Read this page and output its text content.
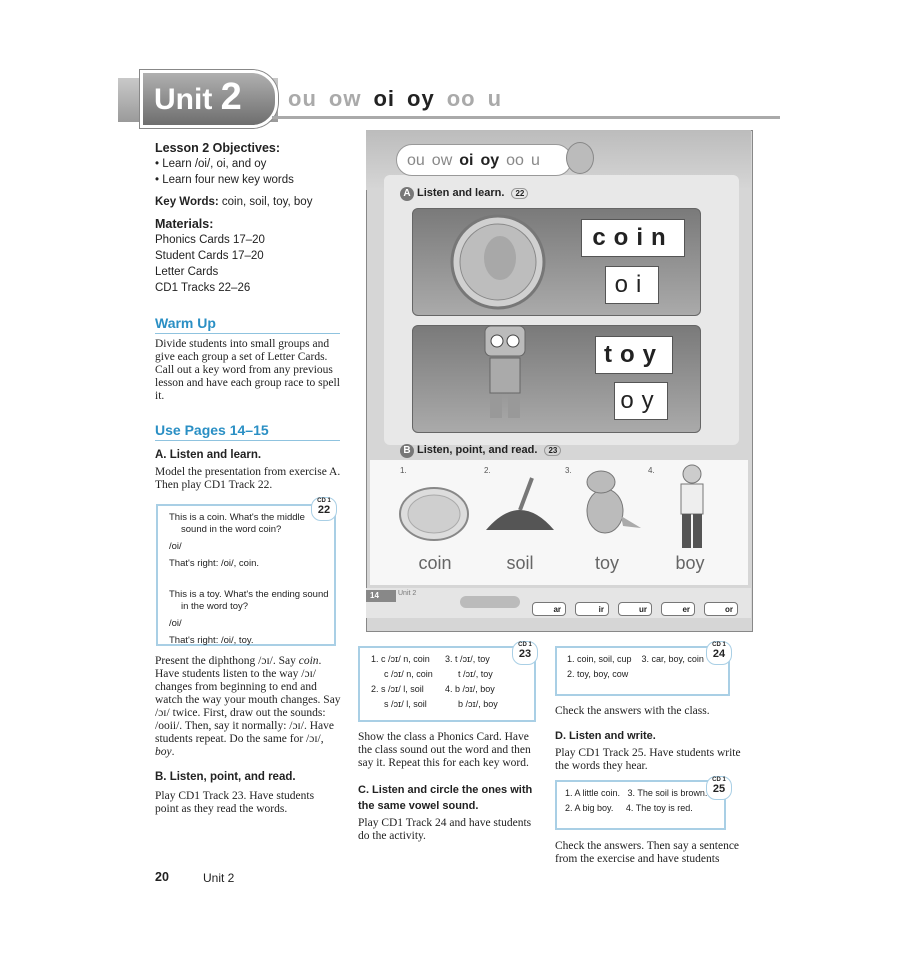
Unit 2 ou ow oi oy oo u
Lesson 2 Objectives:
• Learn /oi/, oi, and oy
• Learn four new key words
Key Words: coin, soil, toy, boy
Materials:
Phonics Cards 17–20
Student Cards 17–20
Letter Cards
CD1 Tracks 22–26
Warm Up
Divide students into small groups and give each group a set of Letter Cards. Call out a key word from any previous lesson and have each group race to spell it.
Use Pages 14–15
A. Listen and learn.
Model the presentation from exercise A. Then play CD1 Track 22.
CD 1
22
This is a coin. What's the middle
sound in the word coin?
/oi/
That's right: /oi/, coin.
This is a toy. What's the ending sound
in the word toy?
/oi/
That's right: /oi/, toy.
Present the diphthong /ɔɪ/. Say coin. Have students listen to the way /ɔɪ/ changes from beginning to end and watch the way your mouth changes. Say /ɔɪ/ twice. First, draw out the sounds: /ooii/. Then, say it normally: /ɔɪ/. Have students repeat. Do the same for /ɔɪ/, boy.
B. Listen, point, and read.
Play CD1 Track 23. Have students point as they read the words.
20	Unit 2
ou ow oi oy oo u
A Listen and learn. 22
coin
oi
toy
oy
B Listen, point, and read. 23
1.	2.	3.	4.
coin	soil	toy	boy
14	Unit 2
ar	ir	ur	er	or
CD 1
23
1. c /ɔɪ/ n, coin
c /ɔɪ/ n, coin
2. s /ɔɪ/ l, soil
s /ɔɪ/ l, soil
3. t /ɔɪ/, toy
t /ɔɪ/, toy
4. b /ɔɪ/, boy
b /ɔɪ/, boy
Show the class a Phonics Card. Have the class sound out the word and then say it. Repeat this for each key word.
C. Listen and circle the ones with the same vowel sound.
Play CD1 Track 24 and have students do the activity.
CD 1
24
1. coin, soil, cup    3. car, boy, coin
2. toy, boy, cow
Check the answers with the class.
D. Listen and write.
Play CD1 Track 25. Have students write the words they hear.
CD 1
25
1. A little coin.   3. The soil is brown.
2. A big boy.     4. The toy is red.
Check the answers. Then say a sentence from the exercise and have students
